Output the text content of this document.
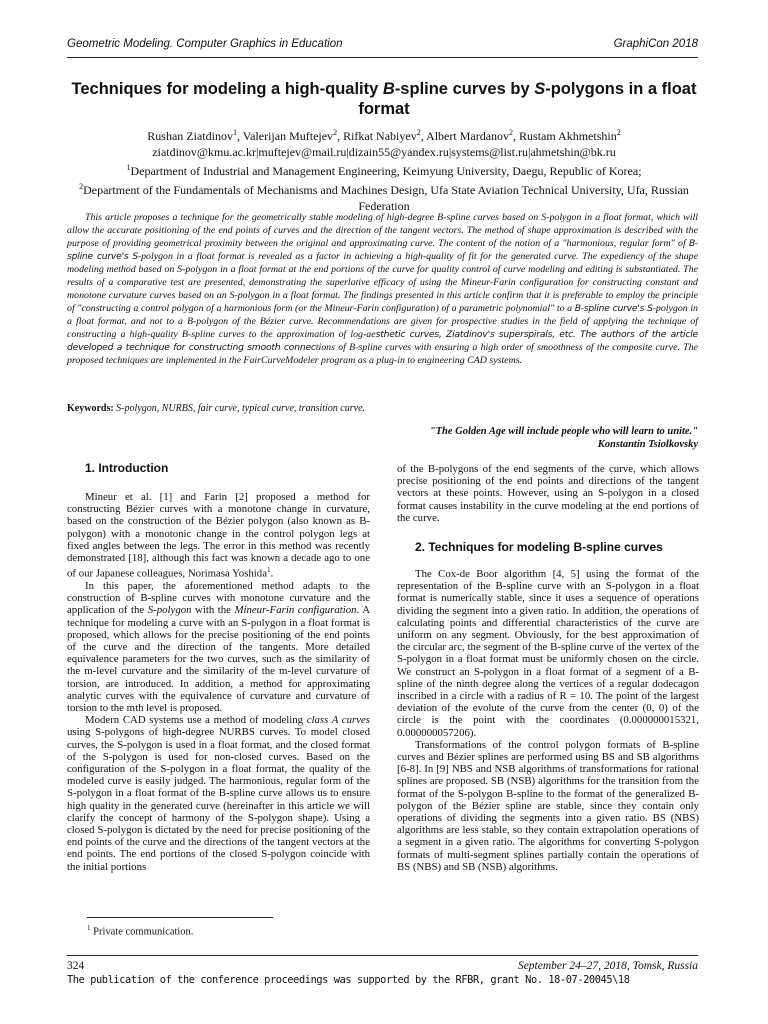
Geometric Modeling. Computer Graphics in Education	GraphiCon 2018
Techniques for modeling a high-quality B-spline curves by S-polygons in a float format
Rushan Ziatdinov$^1$, Valerijan Muftejev$^2$, Rifkat Nabiyev$^2$, Albert Mardanov$^2$, Rustam Akhmetshin$^2$
ziatdinov@kmu.ac.kr|muftejev@mail.ru|dizain55@yandex.ru|systems@list.ru|ahmetshin@bk.ru
$^1$Department of Industrial and Management Engineering, Keimyung University, Daegu, Republic of Korea;
$^2$Department of the Fundamentals of Mechanisms and Machines Design, Ufa State Aviation Technical University, Ufa, Russian Federation
This article proposes a technique for the geometrically stable modeling of high-degree B-spline curves based on S-polygon in a float format, which will allow the accurate positioning of the end points of curves and the direction of the tangent vectors. The method of shape approximation is described with the purpose of providing geometrical proximity between the original and approximating curve. The content of the notion of a "harmonious, regular form" of B-spline curve's S-polygon in a float format is revealed as a factor in achieving a high-quality of fit for the generated curve. The expediency of the shape modeling method based on S-polygon in a float format at the end portions of the curve for quality control of curve modeling and editing is substantiated. The results of a comparative test are presented, demonstrating the superlative efficacy of using the Mineur-Farin configuration for constructing constant and monotone curvature curves based on an S-polygon in a float format. The findings presented in this article confirm that it is preferable to employ the principle of "constructing a control polygon of a harmonious form (or the Mineur-Farin configuration) of a parametric polynomial" to a B-spline curve's S-polygon in a float format, and not to a B-polygon of the Bézier curve. Recommendations are given for prospective studies in the field of applying the technique of constructing a high-quality B-spline curves to the approximation of log-aesthetic curves, Ziatdinov's superspirals, etc. The authors of the article developed a technique for constructing smooth connections of B-spline curves with ensuring a high order of smoothness of the composite curve. The proposed techniques are implemented in the FairCurveModeler program as a plug-in to engineering CAD systems.
Keywords: S-polygon, NURBS, fair curve, typical curve, transition curve.
"The Golden Age will include people who will learn to unite."
Konstantin Tsiolkovsky

1. Introduction

Mineur et al. [1] and Farin [2] proposed a method for constructing Bézier curves with a monotone change in curvature, based on the construction of the Bézier polygon (also known as B-polygon) with a monotonic change in the control polygon legs at fixed angles between the legs. The error in this method was recently demonstrated [18], although this fact was known a decade ago to one of our Japanese colleagues, Norimasa Yoshida$^1$.

In this paper, the aforementioned method adapts to the construction of B-spline curves with monotone curvature and the application of the S-polygon with the Mineur-Farin configuration. A technique for modeling a curve with an S-polygon in a float format is proposed, which allows for the precise positioning of the end points of the curve and the direction of the tangents. More detailed equivalence parameters for the two curves, such as the similarity of the m-level curvature and the similarity of the m-level curvature of torsion, are introduced. In addition, a method for approximating analytic curves with the equivalence of curvature and curvature of torsion to the mth level is proposed.

Modern CAD systems use a method of modeling class A curves using S-polygons of high-degree NURBS curves. To model closed curves, the S-polygon is used in a float format, and the closed format of the S-polygon is used for non-closed curves. Based on the configuration of the S-polygon in a float format, the quality of the modeled curve is easily judged. The harmonious, regular form of the S-polygon in a float format of the B-spline curve allows us to ensure high quality in the generated curve (hereinafter in this article we will clarify the concept of harmony of the S-polygon shape). Using a closed S-polygon is dictated by the need for precise positioning of the end points of the curve and the directions of the tangent vectors at the end points. The end portions of the closed S-polygon coincide with the initial portions

of the B-polygons of the end segments of the curve, which allows precise positioning of the end points and directions of the tangent vectors at these points. However, using an S-polygon in a closed format causes instability in the curve modeling at the end portions of the curve.

2. Techniques for modeling B-spline curves

The Cox-de Boor algorithm [4, 5] using the format of the representation of the B-spline curve with an S-polygon in a float format is numerically stable, since it uses a sequence of operations dividing the segment into a given ratio. In addition, the operations of calculating points and differential characteristics of the curve are uniform on any segment. Obviously, for the best approximation of the circular arc, the segment of the B-spline curve of the vertex of the S-polygon in a float format must be uniformly chosen on the circle. We construct an S-polygon in a float format of a segment of a B-spline of the ninth degree along the vertices of a regular dodecagon inscribed in a circle with a radius of R = 10. The point of the largest deviation of the evolute of the curve from the center (0, 0) of the circle is the point with the coordinates (0.000000015321, 0.000000057206).

Transformations of the control polygon formats of B-spline curves and Bézier splines are performed using BS and SB algorithms [6-8]. In [9] NBS and NSB algorithms of transformations for rational splines are proposed. SB (NSB) algorithms for the transition from the format of the S-polygon B-spline to the format of the generalized B-polygon of the Bézier spline are stable, since they contain only operations of dividing the segments into a given ratio. BS (NBS) algorithms are less stable, so they contain extrapolation operations of a segment in a given ratio. The algorithms for converting S-polygon formats of multi-segment splines partially contain the operations of BS (NBS) and SB (NSB) algorithms.

$^1$ Private communication.
324	September 24–27, 2018, Tomsk, Russia
The publication of the conference proceedings was supported by the RFBR, grant No. 18-07-20045\18
